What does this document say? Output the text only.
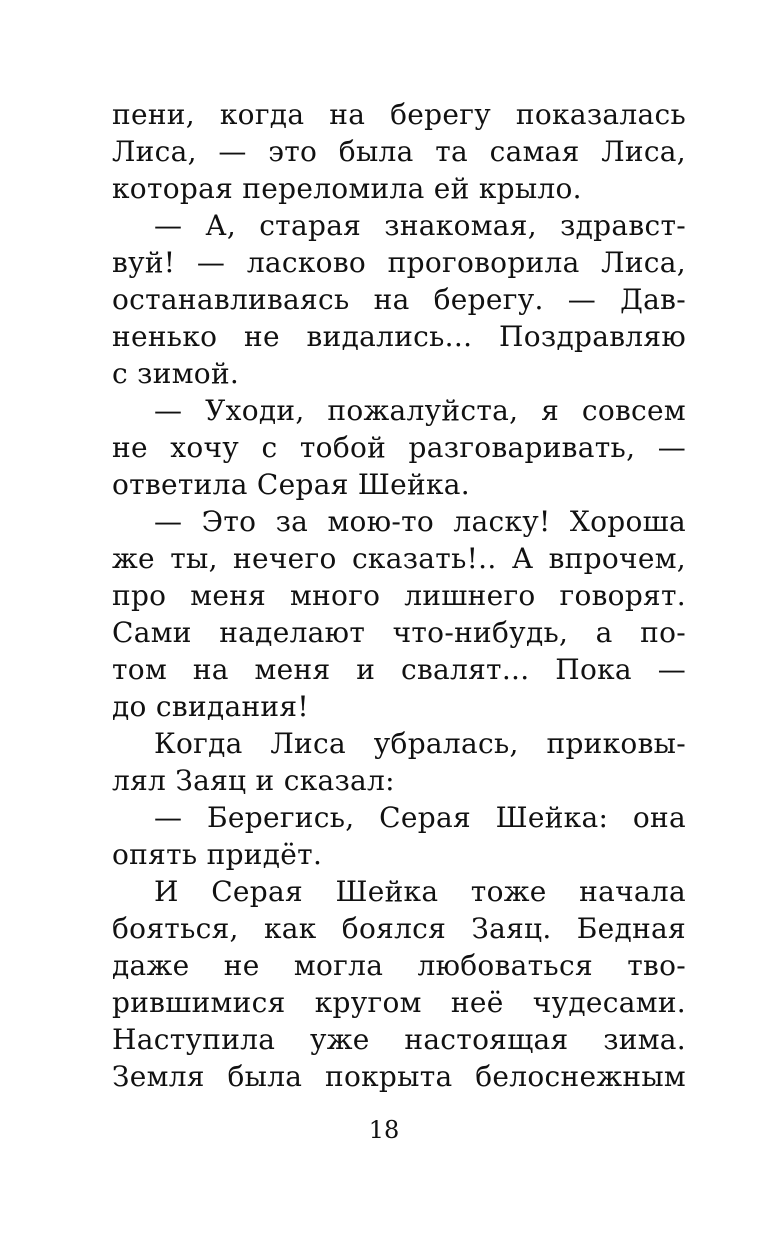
пени, когда на берегу показалась
Лиса, — это была та самая Лиса,
которая переломила ей крыло.
— А, старая знакомая, здравст-
вуй! — ласково проговорила Лиса,
останавливаясь на берегу. — Дав-
ненько не видались... Поздравляю
с зимой.
— Уходи, пожалуйста, я совсем
не хочу с тобой разговаривать, —
ответила Серая Шейка.
— Это за мою-то ласку! Хороша
же ты, нечего сказать!.. А впрочем,
про меня много лишнего говорят.
Сами наделают что-нибудь, а по-
том на меня и свалят... Пока —
до свидания!
Когда Лиса убралась, приковы-
лял Заяц и сказал:
— Берегись, Серая Шейка: она
опять придёт.
И Серая Шейка тоже начала
бояться, как боялся Заяц. Бедная
даже не могла любоваться тво-
рившимися кругом неё чудесами.
Наступила уже настоящая зима.
Земля была покрыта белоснежным
18
